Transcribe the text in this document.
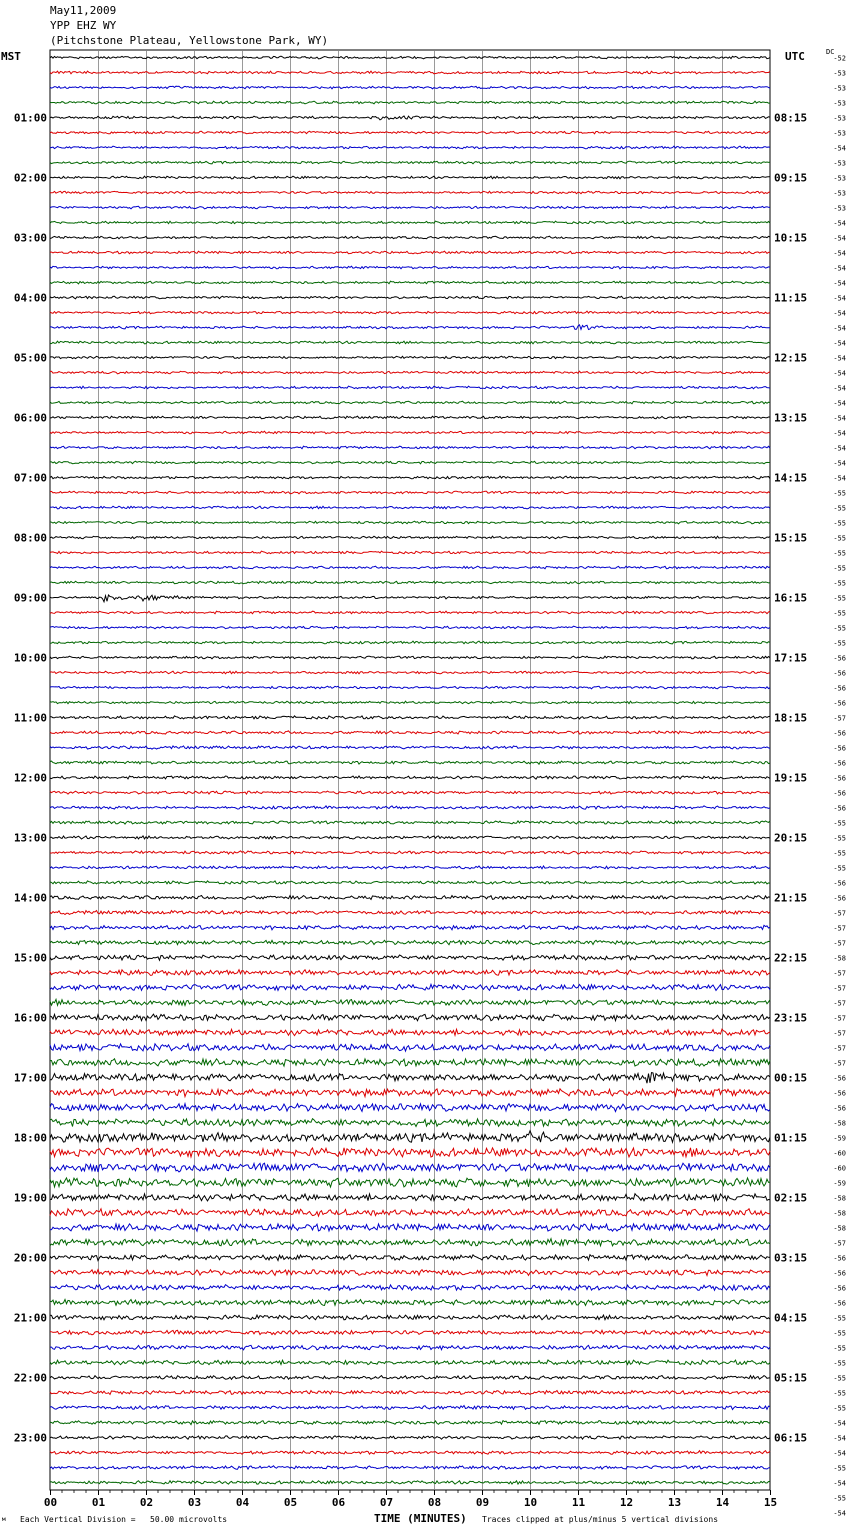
May11,2009
YPP EHZ WY
(Pitchstone Plateau, Yellowstone Park, WY)
MST	UTC	DC
01:00
02:00
03:00
04:00
05:00
06:00
07:00
08:00
09:00
10:00
11:00
12:00
13:00
14:00
15:00
16:00
17:00
18:00
19:00
20:00
21:00
22:00
23:00
08:15
09:15
10:15
11:15
12:15
13:15
14:15
15:15
16:15
17:15
18:15
19:15
20:15
21:15
22:15
23:15
00:15
01:15
02:15
03:15
04:15
05:15
06:15
-52
-53
-53
-53
-53
-53
-54
-53
-53
-53
-53
-54
-54
-54
-54
-54
-54
-54
-54
-54
-54
-54
-54
-54
-54
-54
-54
-54
-54
-55
-55
-55
-55
-55
-55
-55
-55
-55
-55
-55
-56
-56
-56
-56
-57
-56
-56
-56
-56
-56
-56
-55
-55
-55
-55
-56
-56
-57
-57
-57
-58
-57
-57
-57
-57
-57
-57
-57
-56
-56
-56
-58
-59
-60
-60
-59
-58
-58
-58
-57
-56
-56
-56
-56
-55
-55
-55
-55
-55
-55
-55
-54
-54
-54
-55
-54
-55
-54
00	01	02	03	04	05	06	07	08	09	10	11	12	13	14	15
м Each Vertical Division =   50.00 microvolts	TIME (MINUTES) Traces clipped at plus/minus 5 vertical divisions
